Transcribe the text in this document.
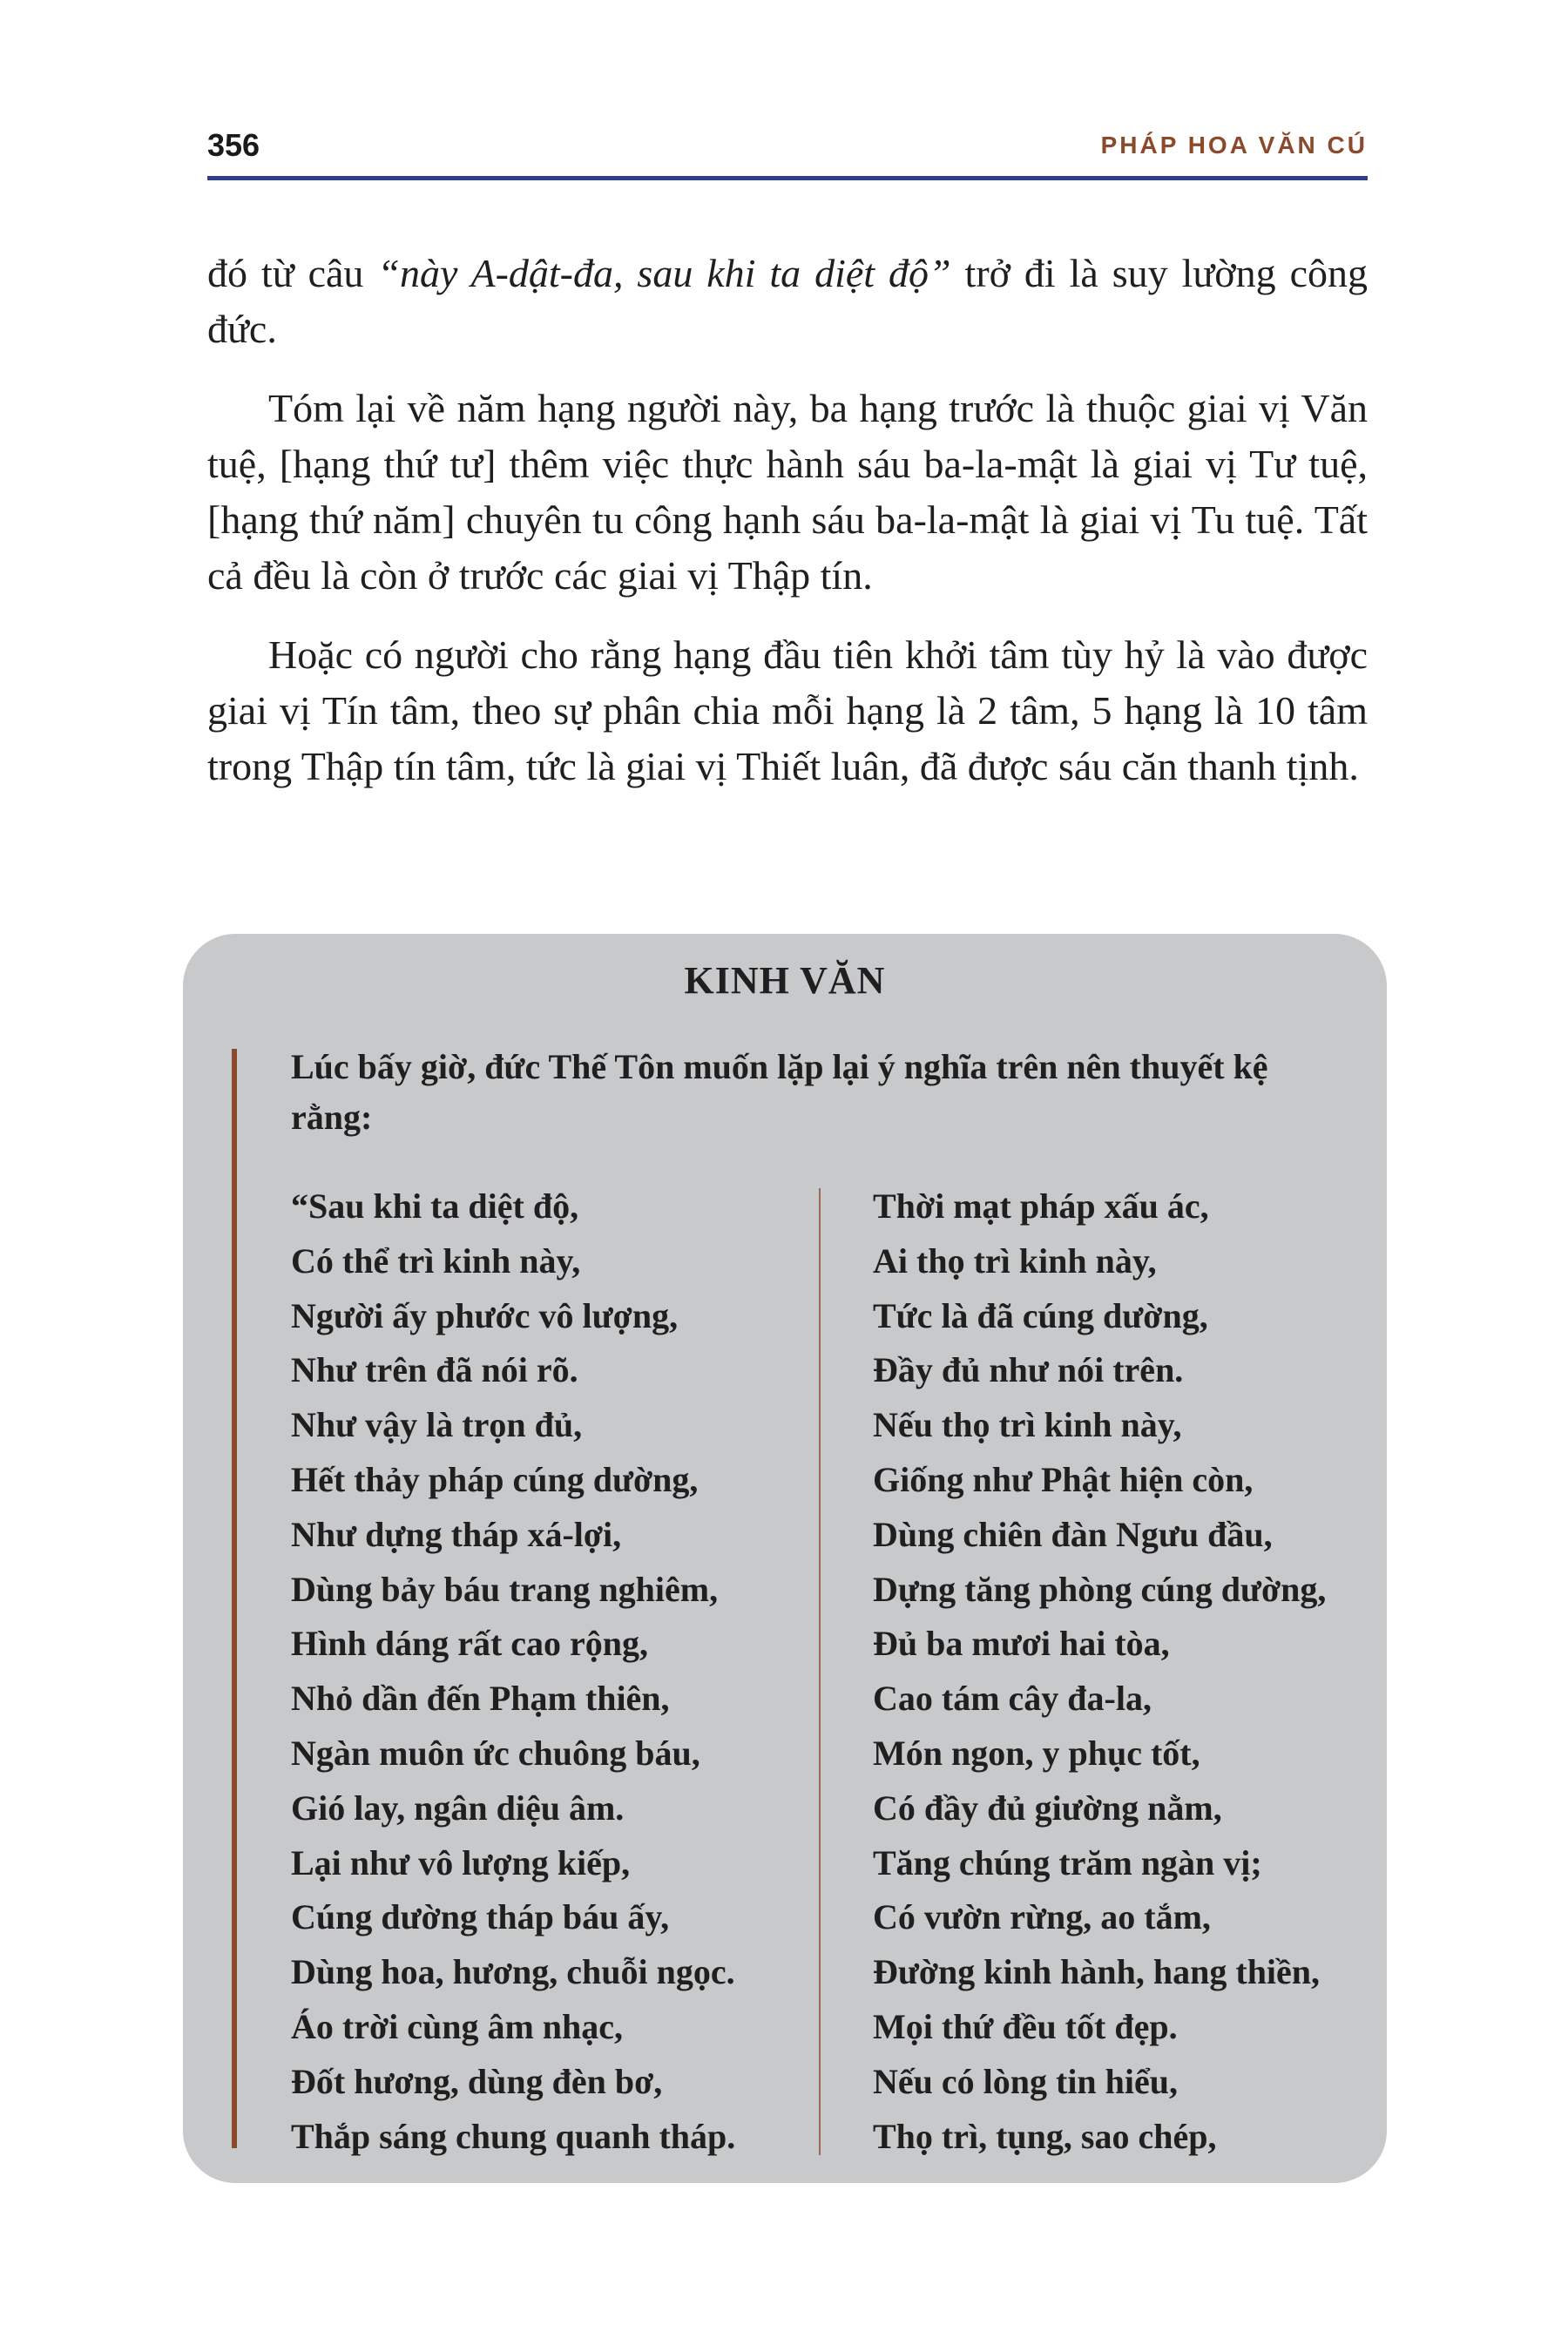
356	PHÁP HOA VĂN CÚ

đó từ câu “này A-dật-đa, sau khi ta diệt độ” trở đi là suy lường công đức.

Tóm lại về năm hạng người này, ba hạng trước là thuộc giai vị Văn tuệ, [hạng thứ tư] thêm việc thực hành sáu ba-la-mật là giai vị Tư tuệ, [hạng thứ năm] chuyên tu công hạnh sáu ba-la-mật là giai vị Tu tuệ. Tất cả đều là còn ở trước các giai vị Thập tín.

Hoặc có người cho rằng hạng đầu tiên khởi tâm tùy hỷ là vào được giai vị Tín tâm, theo sự phân chia mỗi hạng là 2 tâm, 5 hạng là 10 tâm trong Thập tín tâm, tức là giai vị Thiết luân, đã được sáu căn thanh tịnh.

KINH VĂN
Lúc bấy giờ, đức Thế Tôn muốn lặp lại ý nghĩa trên nên thuyết kệ rằng:
“Sau khi ta diệt độ,
Có thể trì kinh này,
Người ấy phước vô lượng,
Như trên đã nói rõ.
Như vậy là trọn đủ,
Hết thảy pháp cúng dường,
Như dựng tháp xá-lợi,
Dùng bảy báu trang nghiêm,
Hình dáng rất cao rộng,
Nhỏ dần đến Phạm thiên,
Ngàn muôn ức chuông báu,
Gió lay, ngân diệu âm.
Lại như vô lượng kiếp,
Cúng dường tháp báu ấy,
Dùng hoa, hương, chuỗi ngọc.
Áo trời cùng âm nhạc,
Đốt hương, dùng đèn bơ,
Thắp sáng chung quanh tháp.
Thời mạt pháp xấu ác,
Ai thọ trì kinh này,
Tức là đã cúng dường,
Đầy đủ như nói trên.
Nếu thọ trì kinh này,
Giống như Phật hiện còn,
Dùng chiên đàn Ngưu đầu,
Dựng tăng phòng cúng dường,
Đủ ba mươi hai tòa,
Cao tám cây đa-la,
Món ngon, y phục tốt,
Có đầy đủ giường nằm,
Tăng chúng trăm ngàn vị;
Có vườn rừng, ao tắm,
Đường kinh hành, hang thiền,
Mọi thứ đều tốt đẹp.
Nếu có lòng tin hiểu,
Thọ trì, tụng, sao chép,
